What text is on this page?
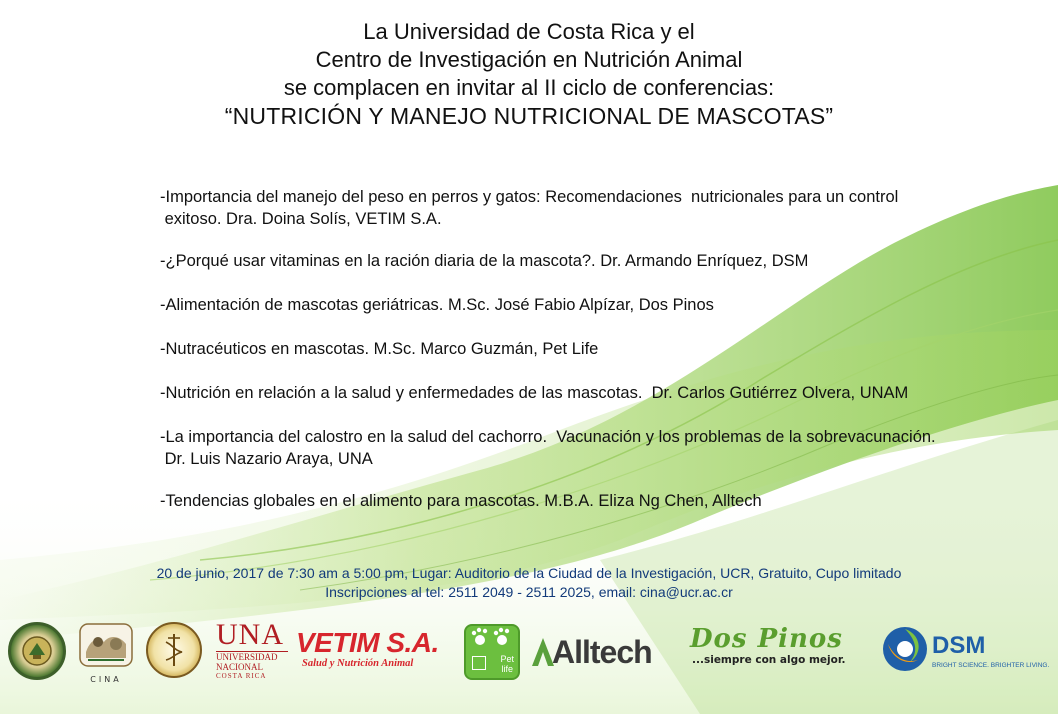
La Universidad de Costa Rica y el
Centro de Investigación en Nutrición Animal
se complacen en invitar al II ciclo de conferencias:
“NUTRICIÓN Y MANEJO NUTRICIONAL DE MASCOTAS”
-Importancia del manejo del peso en perros y gatos: Recomendaciones  nutricionales para un control
exitoso. Dra. Doina Solís, VETIM S.A.
-¿Porqué usar vitaminas en la ración diaria de la mascota?. Dr. Armando Enríquez, DSM
-Alimentación de mascotas geriátricas. M.Sc. José Fabio Alpízar, Dos Pinos
-Nutracéuticos en mascotas. M.Sc. Marco Guzmán, Pet Life
-Nutrición en relación a la salud y enfermedades de las mascotas.  Dr. Carlos Gutiérrez Olvera, UNAM
-La importancia del calostro en la salud del cachorro.  Vacunación y los problemas de la sobrevacunación.
Dr. Luis Nazario Araya, UNA
-Tendencias globales en el alimento para mascotas. M.B.A. Eliza Ng Chen, Alltech
20 de junio, 2017 de 7:30 am a 5:00 pm, Lugar: Auditorio de la Ciudad de la Investigación, UCR, Gratuito, Cupo limitado
Inscripciones al tel: 2511 2049 - 2511 2025, email: cina@ucr.ac.cr
CINA
UNA
UNIVERSIDAD
NACIONAL
COSTA RICA
VETIM S.A.
Salud y Nutrición Animal	Pet
life Alltech Dos Pinos
...siempre con algo mejor.
DSM
BRIGHT SCIENCE. BRIGHTER LIVING.
